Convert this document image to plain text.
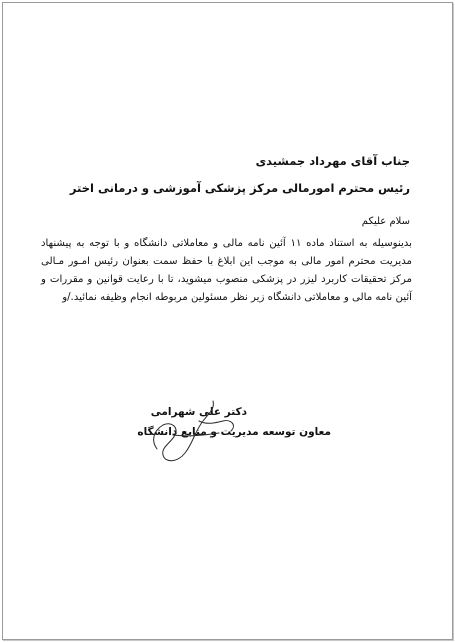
جناب آقای مهرداد جمشیدی
رئیس محترم امورمالی مرکز پزشکی آموزشی و درمانی اختر
سلام علیکم
بدینوسیله به استناد ماده ۱۱ آئین نامه مالی و معاملاتی دانشگاه و با توجه به پیشنهاد مدیریت محترم امور مالی به موجب این ابلاغ با حفظ سمت بعنوان رئیس امـور مـالی مرکز تحقیقات کاربرد لیزر در پزشکی منصوب میشوید، تا با رعایت قوانین و مقررات و آئین نامه مالی و معاملاتی دانشگاه زیر نظر مسئولین مربوطه انجام وظیفه نمائید./و
دکتر علی شهرامی
معاون توسعه مدیریت و منابع دانشگاه
